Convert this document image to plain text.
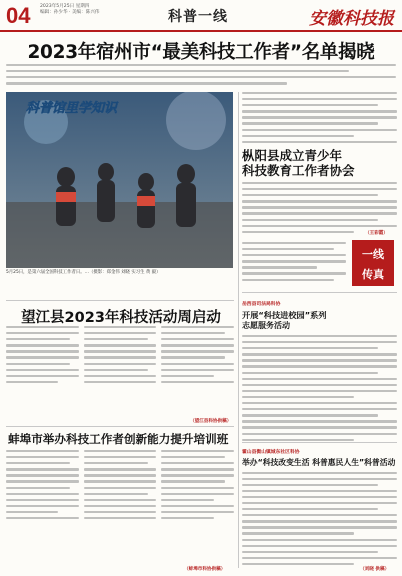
04	2023年5月25日 星期四
编辑：孙少华 · 美编：陈兴伟	科普一线	安徽科技报
2023年宿州市“最美科技工作者”名单揭晓
科普馆里学知识
5月25日，是第六届全国科技工作者日。…（摄影：郑金伟 刘晓 实习生 黄 毅）
枞阳县成立青少年
科技教育工作者协会
（王彩霞）
一线
传真
望江县2023年科技活动周启动
（望江县科协供稿）
岳西县司法局科协
开展“科技进校园”系列
志愿服务活动
霍山县衡山镇城东社区科协
举办“科技改变生活 科普惠民人生”科普活动
（刘晓 供稿）
蚌埠市举办科技工作者创新能力提升培训班
（蚌埠市科协供稿）
